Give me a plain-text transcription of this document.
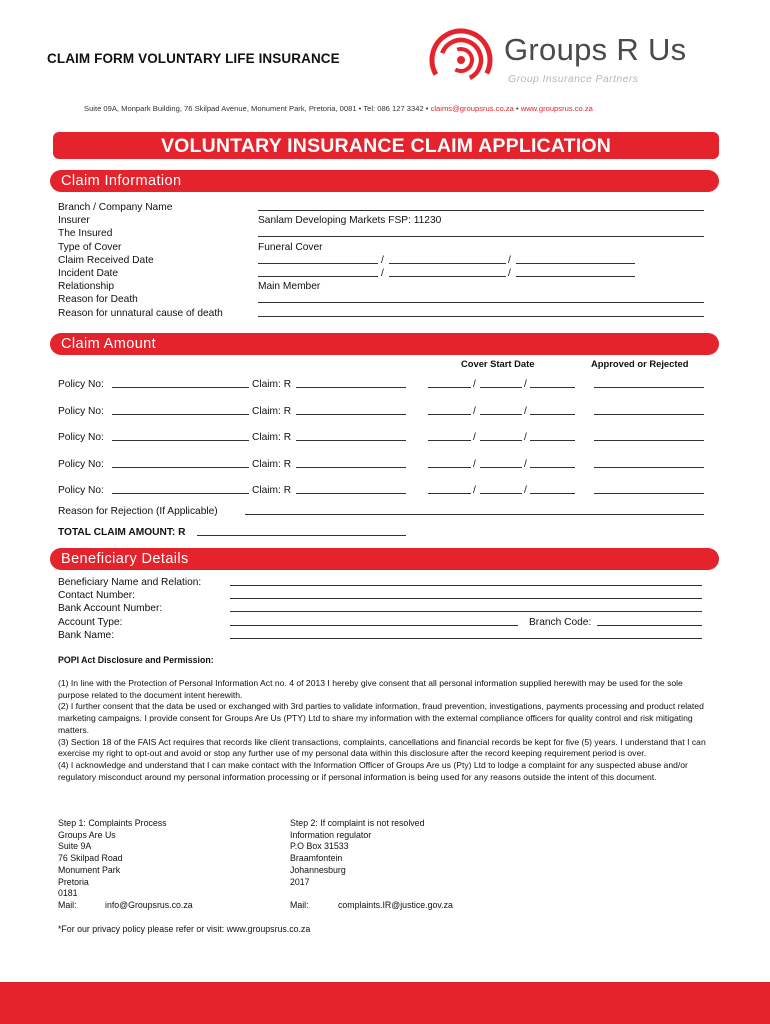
CLAIM FORM VOLUNTARY LIFE INSURANCE	Groups R Us
Group Insurance Partners
Suite 09A, Monpark Building, 76 Skilpad Avenue, Monument Park, Pretoria, 0081 • Tel: 086 127 3342 • claims@groupsrus.co.za • www.groupsrus.co.za
VOLUNTARY INSURANCE CLAIM APPLICATION
Claim Information
Branch / Company Name
Insurer	Sanlam Developing Markets FSP: 11230
The Insured
Type of Cover	Funeral Cover
Claim Received Date	/	/
Incident Date	/	/
Relationship	Main Member
Reason for Death
Reason for unnatural cause of death
Claim Amount
Cover Start Date	Approved or Rejected
Policy No:	Claim: R	/	/
Policy No:	Claim: R	/	/
Policy No:	Claim: R	/	/
Policy No:	Claim: R	/	/
Policy No:	Claim: R	/	/
Reason for Rejection (If Applicable)
TOTAL CLAIM AMOUNT: R
Beneficiary Details
Beneficiary Name and Relation:
Contact Number:
Bank Account Number:
Account Type:	Branch Code:
Bank Name:
POPI Act Disclosure and Permission:

(1) In line with the Protection of Personal Information Act no. 4 of 2013 I hereby give consent that all personal information supplied herewith may be used for the sole purpose related to the document intent herewith.

(2) I further consent that the data be used or exchanged with 3rd parties to validate information, fraud prevention, investigations, payments processing and product related marketing campaigns. I provide consent for Groups Are Us (PTY) Ltd to share my information with the external compliance officers for quality control and risk mitigating matters.

(3) Section 18 of the FAIS Act requires that records like client transactions, complaints, cancellations and financial records be kept for five (5) years. I understand that I can exercise my right to opt-out and avoid or stop any further use of my personal data within this disclosure after the record keeping requirement period is over.

(4) I acknowledge and understand that I can make contact with the Information Officer of Groups Are us (Pty) Ltd to lodge a complaint for any suspected abuse and/or regulatory misconduct around my personal information processing or if personal information is being used for any reasons outside the intent of this document.

Step 1: Complaints Process
Groups Are Us
Suite 9A
76 Skilpad Road
Monument Park
Pretoria
0181
Mail:	info@Groupsrus.co.za
Step 2: If complaint is not resolved
Information regulator
P.O Box 31533
Braamfontein
Johannesburg
2017
Mail:	complaints.IR@justice.gov.za
*For our privacy policy please refer or visit: www.groupsrus.co.za
